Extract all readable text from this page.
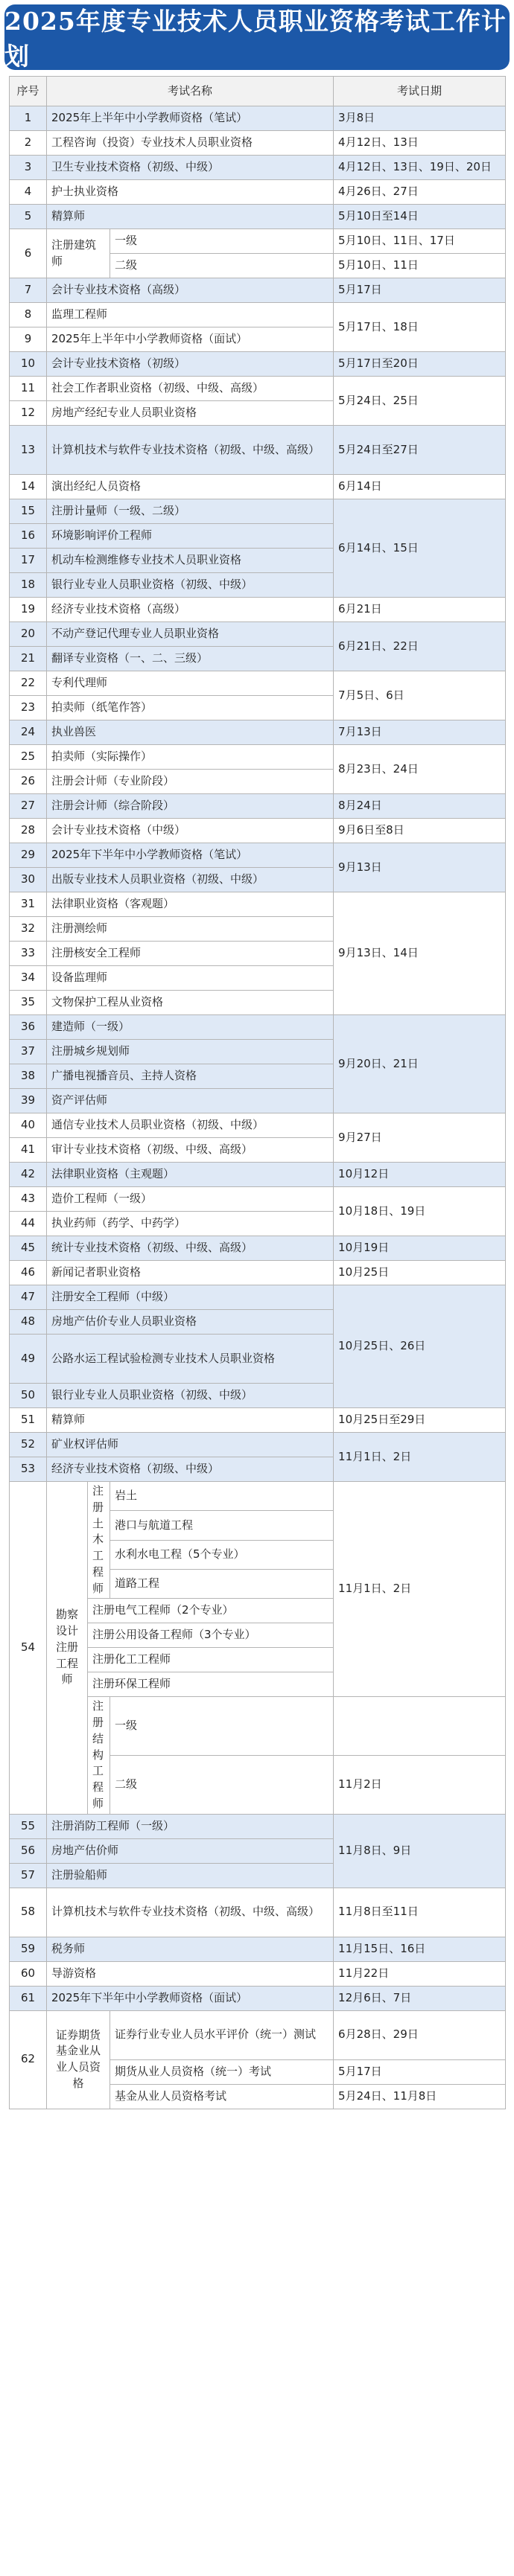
2025年度专业技术人员职业资格考试工作计划
序号	考试名称			考试日期
1	2025年上半年中小学教师资格（笔试）			3月8日
2	工程咨询（投资）专业技术人员职业资格			4月12日、13日
3	卫生专业技术资格（初级、中级）			4月12日、13日、19日、20日
4	护士执业资格			4月26日、27日
5	精算师			5月10日至14日
6	注册建筑师		一级	5月10日、11日、17日
			二级	5月10日、11日
7	会计专业技术资格（高级）			5月17日
8	监理工程师			5月17日、18日
9	2025年上半年中小学教师资格（面试）			
10	会计专业技术资格（初级）			5月17日至20日
11	社会工作者职业资格（初级、中级、高级）			5月24日、25日
12	房地产经纪专业人员职业资格			
13	计算机技术与软件专业技术资格（初级、中级、高级）			5月24日至27日
14	演出经纪人员资格			6月14日
15	注册计量师（一级、二级）			6月14日、15日
16	环境影响评价工程师			
17	机动车检测维修专业技术人员职业资格			
18	银行业专业人员职业资格（初级、中级）			
19	经济专业技术资格（高级）			6月21日
20	不动产登记代理专业人员职业资格			6月21日、22日
21	翻译专业资格（一、二、三级）			
22	专利代理师			7月5日、6日
23	拍卖师（纸笔作答）			
24	执业兽医			7月13日
25	拍卖师（实际操作）			8月23日、24日
26	注册会计师（专业阶段）			
27	注册会计师（综合阶段）			8月24日
28	会计专业技术资格（中级）			9月6日至8日
29	2025年下半年中小学教师资格（笔试）			9月13日
30	出版专业技术人员职业资格（初级、中级）			
31	法律职业资格（客观题）			9月13日、14日
32	注册测绘师			
33	注册核安全工程师			
34	设备监理师			
35	文物保护工程从业资格			
36	建造师（一级）			9月20日、21日
37	注册城乡规划师			
38	广播电视播音员、主持人资格			
39	资产评估师			
40	通信专业技术人员职业资格（初级、中级）			9月27日
41	审计专业技术资格（初级、中级、高级）			
42	法律职业资格（主观题）			10月12日
43	造价工程师（一级）			10月18日、19日
44	执业药师（药学、中药学）			
45	统计专业技术资格（初级、中级、高级）			10月19日
46	新闻记者职业资格			10月25日
47	注册安全工程师（中级）			10月25日、26日
48	房地产估价专业人员职业资格			
49	公路水运工程试验检测专业技术人员职业资格			
50	银行业专业人员职业资格（初级、中级）			
51	精算师			10月25日至29日
52	矿业权评估师			11月1日、2日
53	经济专业技术资格（初级、中级）			
54	勘察设计注册工程师	注册土木工程师	岩土	11月1日、2日
			港口与航道工程	
			水利水电工程（5个专业）	
			道路工程	
		注册电气工程师（2个专业）		
		注册公用设备工程师（3个专业）		
		注册化工工程师		
		注册环保工程师		
		注册结构工程师	一级	
			二级	11月2日
55	注册消防工程师（一级）			11月8日、9日
56	房地产估价师			
57	注册验船师			
58	计算机技术与软件专业技术资格（初级、中级、高级）			11月8日至11日
59	税务师			11月15日、16日
60	导游资格			11月22日
61	2025年下半年中小学教师资格（面试）			12月6日、7日
62	证券期货基金业从业人员资格		证券行业专业人员水平评价（统一）测试	6月28日、29日
			期货从业人员资格（统一）考试	5月17日
			基金从业人员资格考试	5月24日、11月8日
